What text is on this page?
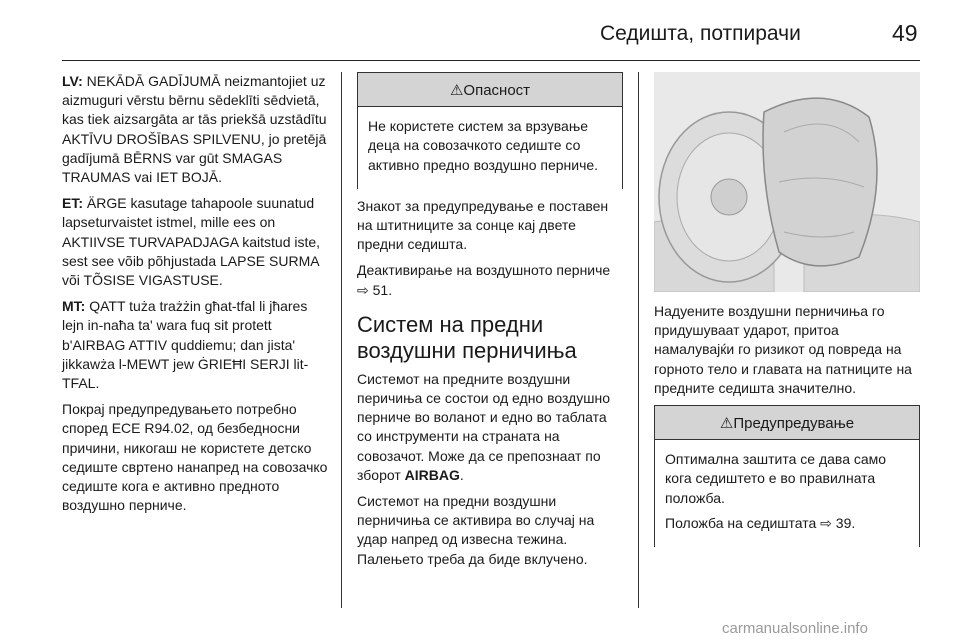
Седишта, потпирачи	49

LV: NEKĀDĀ GADĪJUMĀ neizmantojiet uz aizmuguri vērstu bērnu sēdeklīti sēdvietā, kas tiek aizsargāta ar tās priekšā uzstādītu AKTĪVU DROŠĪBAS SPILVENU, jo pretējā gadījumā BĒRNS var gūt SMAGAS TRAUMAS vai IET BOJĀ.

ET: ÄRGE kasutage tahapoole suunatud lapseturvaistet istmel, mille ees on AKTIIVSE TURVAPADJAGA kaitstud iste, sest see võib põhjustada LAPSE SURMA või TÕSISE VIGASTUSE.

MT: QATT tuża trażżin għat-tfal li jħares lejn in-naħa ta' wara fuq sit protett b'AIRBAG ATTIV quddiemu; dan jista' jikkawża l-MEWT jew ĠRIEĦI SERJI lit-TFAL.

Покрај предупредувањето потребно според ECE R94.02, од безбедносни причини, никогаш не користете детско седиште свртено нанапред на совозачко седиште кога е активно предното воздушно перниче.

⚠Опасност

Не користете систем за врзување деца на совозачкото седиште со активно предно воздушно перниче.

Знакот за предупредување е поставен на штитниците за сонце кај двете предни седишта.

Деактивирање на воздушното перниче ⇨ 51.

Систем на предни воздушни перничиња

Системот на предните воздушни перичиња се состои од едно воздушно перниче во воланот и едно во таблата со инструменти на страната на совозачот. Може да се препознаат по зборот AIRBAG.

Системот на предни воздушни перничиња се активира во случај на удар напред од извесна тежина. Палењето треба да биде вклучено.

Надуените воздушни перничиња го придушуваат ударот, притоа намалувајќи го ризикот од повреда на горното тело и главата на патниците на предните седишта значително.

⚠Предупредување

Оптимална заштита се дава само кога седиштето е во правилната положба.

Положба на седиштата ⇨ 39.

carmanualsonline.info
